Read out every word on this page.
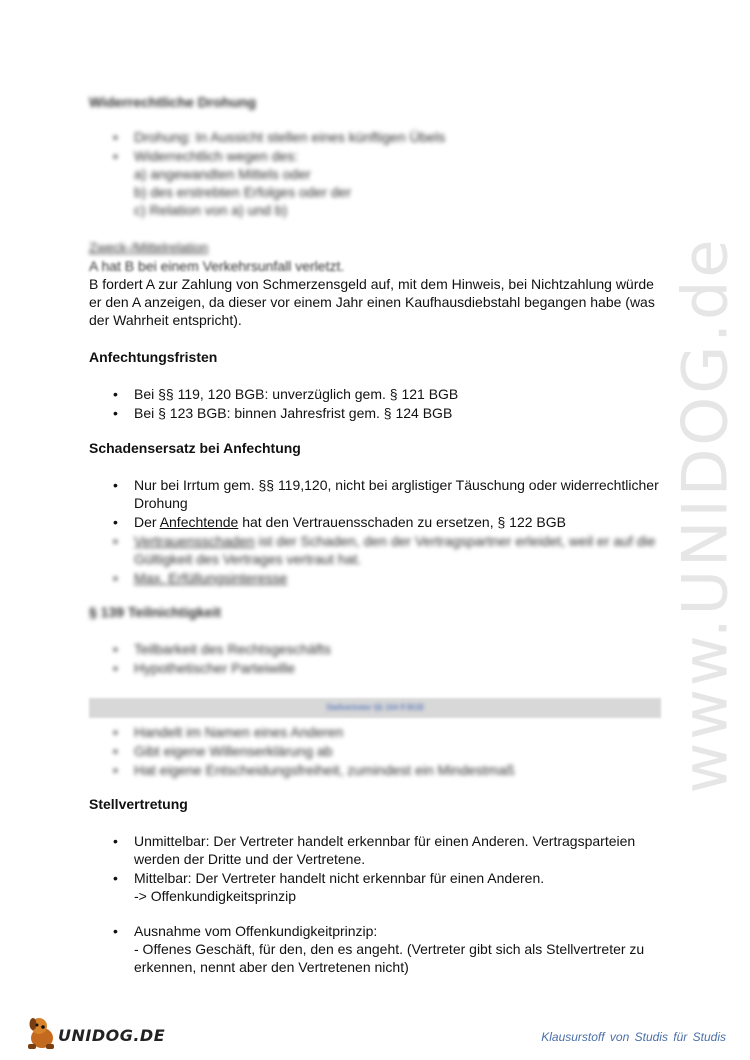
Widerrechtliche Drohung
• Drohung: In Aussicht stellen eines künftigen Übels
• Widerrechtlich wegen des:
a) angewandten Mittels oder
b) des erstrebten Erfolges oder der
c) Relation von a) und b)
Zweck-/Mittelrelation
A hat B bei einem Verkehrsunfall verletzt.
B fordert A zur Zahlung von Schmerzensgeld auf, mit dem Hinweis, bei Nichtzahlung würde er den A anzeigen, da dieser vor einem Jahr einen Kaufhausdiebstahl begangen habe (was der Wahrheit entspricht).
Anfechtungsfristen
• Bei §§ 119, 120 BGB: unverzüglich gem. § 121 BGB
• Bei § 123 BGB: binnen Jahresfrist gem. § 124 BGB
Schadensersatz bei Anfechtung
• Nur bei Irrtum gem. §§ 119,120, nicht bei arglistiger Täuschung oder widerrechtlicher Drohung
• Der Anfechtende hat den Vertrauensschaden zu ersetzen, § 122 BGB
• Vertrauensschaden ist der Schaden, den der Vertragspartner erleidet, weil er auf die Gültigkeit des Vertrages vertraut hat.
• Max. Erfüllungsinteresse
§ 139 Teilnichtigkeit
• Teilbarkeit des Rechtsgeschäfts
• Hypothetischer Parteiwille
Stellvertreter §§ 164 ff BGB
• Handelt im Namen eines Anderen
• Gibt eigene Willenserklärung ab
• Hat eigene Entscheidungsfreiheit, zumindest ein Mindestmaß
Stellvertretung
• Unmittelbar: Der Vertreter handelt erkennbar für einen Anderen. Vertragsparteien werden der Dritte und der Vertretene.
• Mittelbar: Der Vertreter handelt nicht erkennbar für einen Anderen.
-> Offenkundigkeitsprinzip
• Ausnahme vom Offenkundigkeitprinzip:
- Offenes Geschäft, für den, den es angeht. (Vertreter gibt sich als Stellvertreter zu erkennen, nennt aber den Vertretenen nicht)
www.UNIDOG.de
UNIDOG.DE	Klausurstoff von Studis für Studis
